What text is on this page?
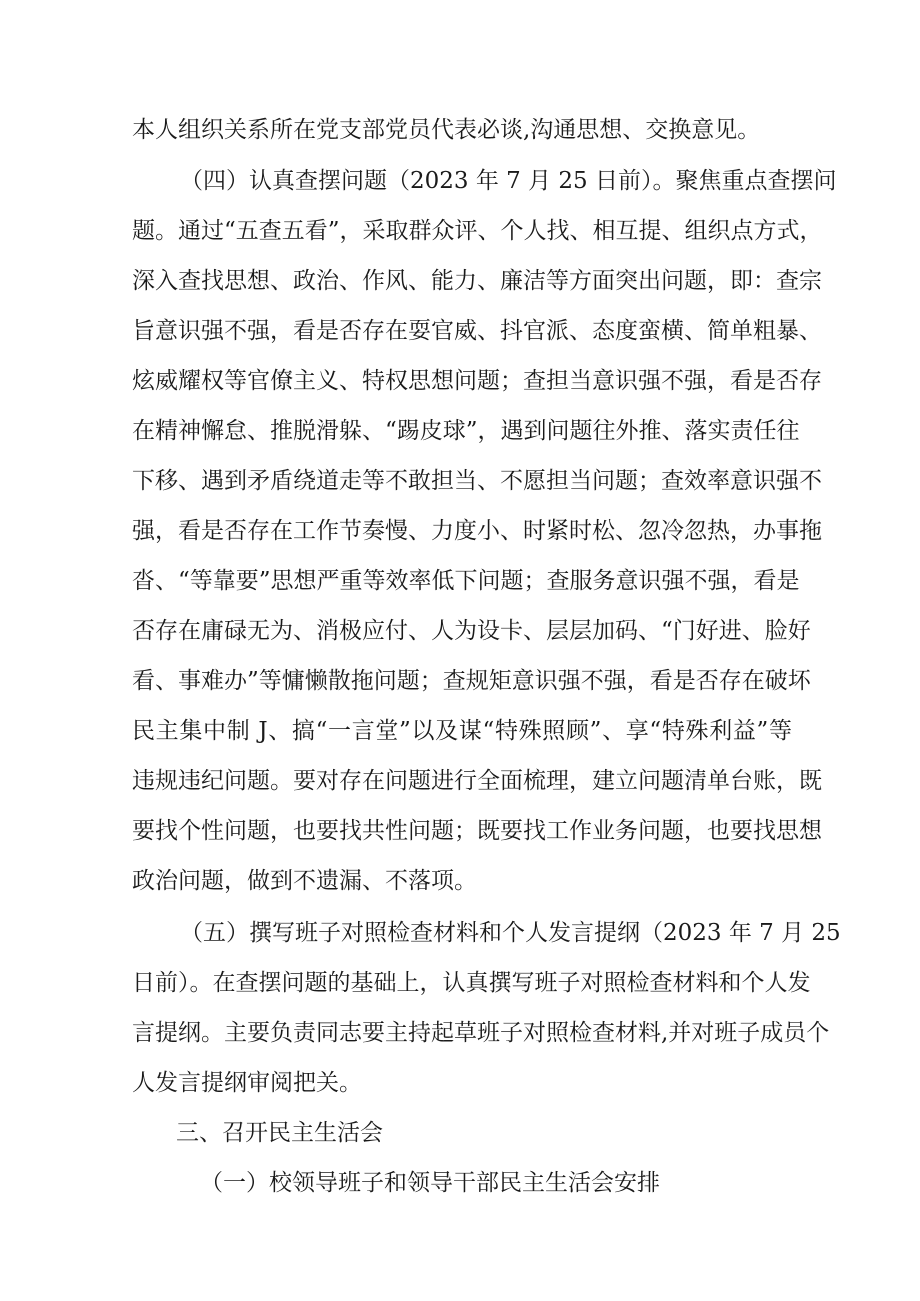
本人组织关系所在党支部党员代表必谈,沟通思想、交换意见。
（四）认真查摆问题（2023 年 7 月 25 日前）。聚焦重点查摆问
题。通过“五查五看”，采取群众评、个人找、相互提、组织点方式，
深入查找思想、政治、作风、能力、廉洁等方面突出问题，即：查宗
旨意识强不强，看是否存在耍官威、抖官派、态度蛮横、简单粗暴、
炫威耀权等官僚主义、特权思想问题；查担当意识强不强，看是否存
在精神懈怠、推脱滑躲、“踢皮球”，遇到问题往外推、落实责任往
下移、遇到矛盾绕道走等不敢担当、不愿担当问题；查效率意识强不
强，看是否存在工作节奏慢、力度小、时紧时松、忽冷忽热，办事拖
沓、“等靠要”思想严重等效率低下问题；查服务意识强不强，看是
否存在庸碌无为、消极应付、人为设卡、层层加码、“门好进、脸好
看、事难办”等慵懒散拖问题；查规矩意识强不强，看是否存在破坏
民主集中制 J、搞“一言堂”以及谋“特殊照顾”、享“特殊利益”等
违规违纪问题。要对存在问题进行全面梳理，建立问题清单台账，既
要找个性问题，也要找共性问题；既要找工作业务问题，也要找思想
政治问题，做到不遗漏、不落项。
（五）撰写班子对照检查材料和个人发言提纲（2023 年 7 月 25
日前）。在查摆问题的基础上，认真撰写班子对照检查材料和个人发
言提纲。主要负责同志要主持起草班子对照检查材料,并对班子成员个
人发言提纲审阅把关。
三、召开民主生活会
（一）校领导班子和领导干部民主生活会安排
